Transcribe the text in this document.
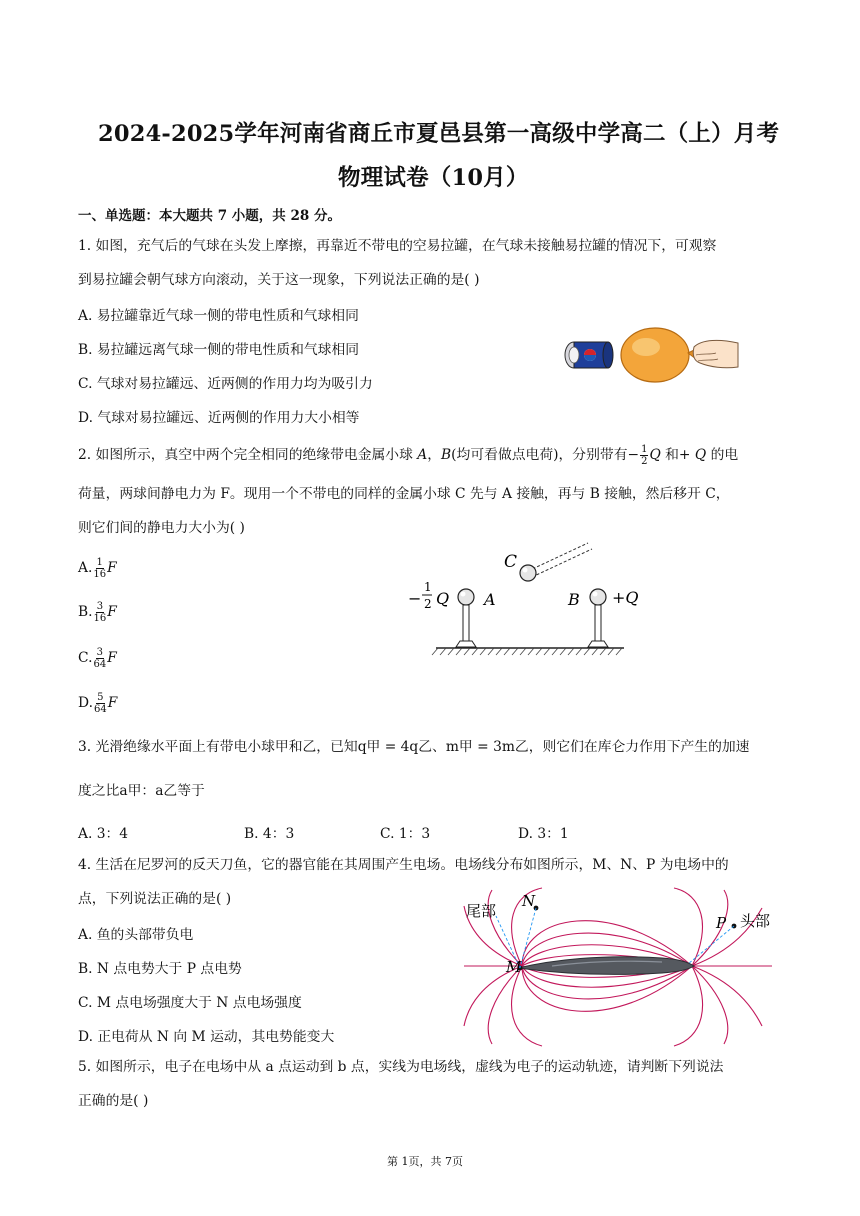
2024-2025学年河南省商丘市夏邑县第一高级中学高二（上）月考
物理试卷（10月）
一、单选题：本大题共 7 小题，共 28 分。
1. 如图，充气后的气球在头发上摩擦，再靠近不带电的空易拉罐，在气球未接触易拉罐的情况下，可观察
到易拉罐会朝气球方向滚动，关于这一现象，下列说法正确的是( )
A. 易拉罐靠近气球一侧的带电性质和气球相同
B. 易拉罐远离气球一侧的带电性质和气球相同
C. 气球对易拉罐远、近两侧的作用力均为吸引力
D. 气球对易拉罐远、近两侧的作用力大小相等
2. 如图所示，真空中两个完全相同的绝缘带电金属小球 A，B(均可看做点电荷)，分别带有− $\frac{1}{2}$ Q 和+ Q 的电
荷量，两球间静电力为 F。现用一个不带电的同样的金属小球 C 先与 A 接触，再与 B 接触，然后移开 C，
则它们间的静电力大小为( )
A. $\frac{1}{16}$ F
B. $\frac{3}{16}$ F
C. $\frac{3}{64}$ F
D. $\frac{5}{64}$ F
C
A
−
1
2 Q	B +Q
3. 光滑绝缘水平面上有带电小球甲和乙，已知q甲 = 4q乙、m甲 = 3m乙，则它们在库仑力作用下产生的加速
度之比a甲：a乙等于
A. 3：4	B. 4：3	C. 1：3	D. 3：1
4. 生活在尼罗河的反天刀鱼，它的器官能在其周围产生电场。电场线分布如图所示，M、N、P 为电场中的
点，下列说法正确的是( )
A. 鱼的头部带负电
B. N 点电势大于 P 点电势
C. M 点电场强度大于 N 点电场强度
D. 正电荷从 N 向 M 运动，其电势能变大
尾部
N
M
P 头部
5. 如图所示，电子在电场中从 a 点运动到 b 点，实线为电场线，虚线为电子的运动轨迹，请判断下列说法
正确的是( )
第 1页，共 7页
